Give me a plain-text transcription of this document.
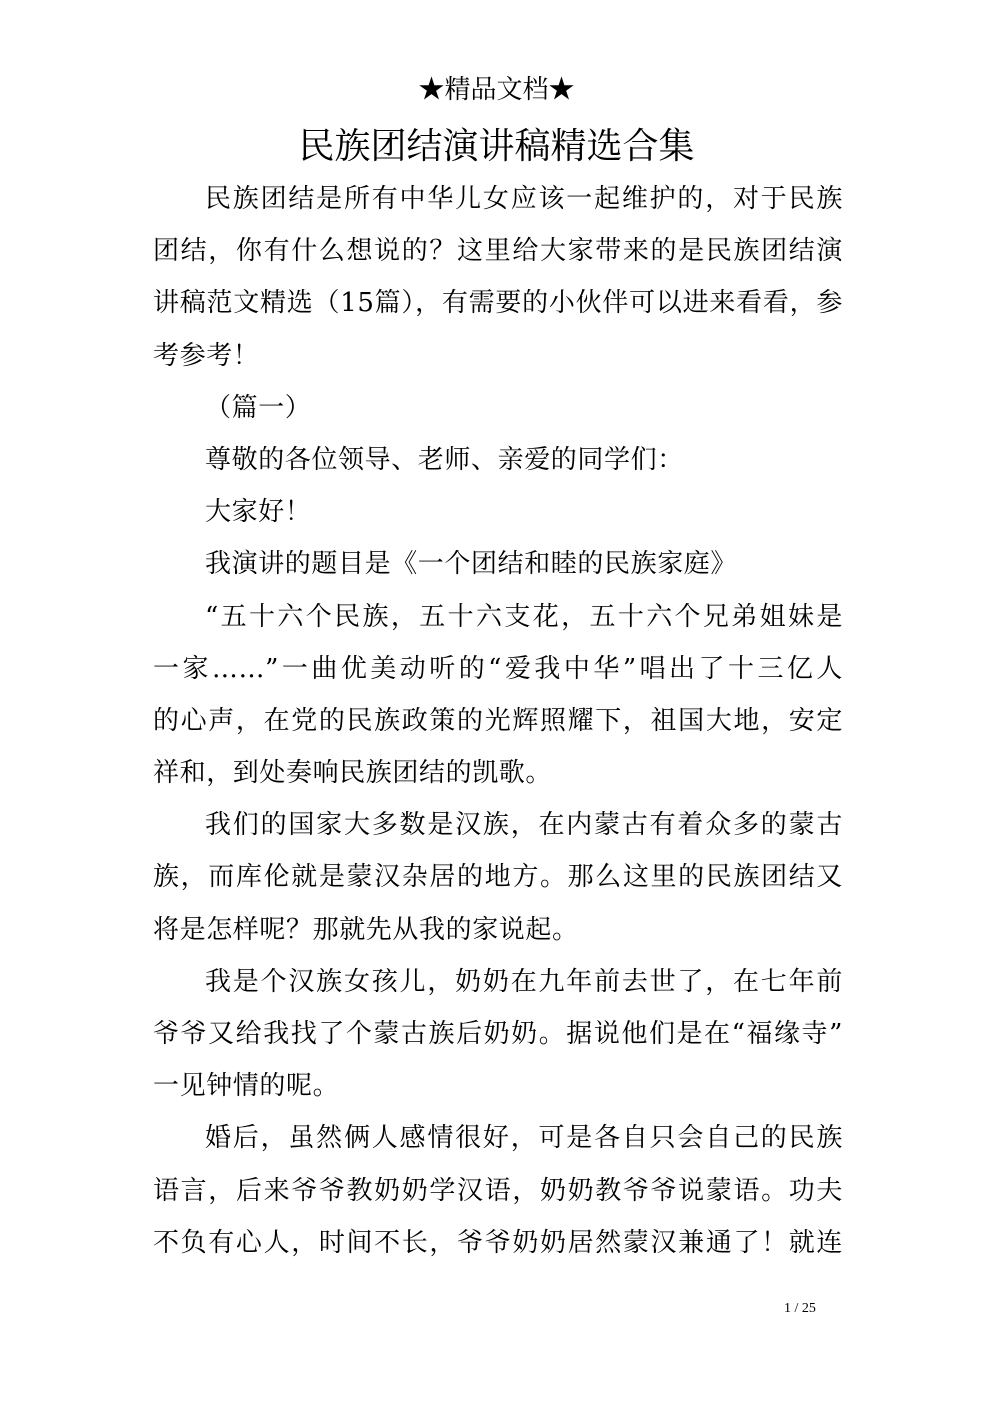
★精品文档★
民族团结演讲稿精选合集
民族团结是所有中华儿女应该一起维护的，对于民族
团结，你有什么想说的？这里给大家带来的是民族团结演
讲稿范文精选（15篇），有需要的小伙伴可以进来看看，参
考参考！
（篇一）
尊敬的各位领导、老师、亲爱的同学们：
大家好！
我演讲的题目是《一个团结和睦的民族家庭》
“五十六个民族，五十六支花，五十六个兄弟姐妹是
一家……”一曲优美动听的“爱我中华”唱出了十三亿人
的心声，在党的民族政策的光辉照耀下，祖国大地，安定
祥和，到处奏响民族团结的凯歌。
我们的国家大多数是汉族，在内蒙古有着众多的蒙古
族，而库伦就是蒙汉杂居的地方。那么这里的民族团结又
将是怎样呢？那就先从我的家说起。
我是个汉族女孩儿，奶奶在九年前去世了，在七年前
爷爷又给我找了个蒙古族后奶奶。据说他们是在“福缘寺”
一见钟情的呢。
婚后，虽然俩人感情很好，可是各自只会自己的民族
语言，后来爷爷教奶奶学汉语，奶奶教爷爷说蒙语。功夫
不负有心人，时间不长，爷爷奶奶居然蒙汉兼通了！就连
1 / 25
